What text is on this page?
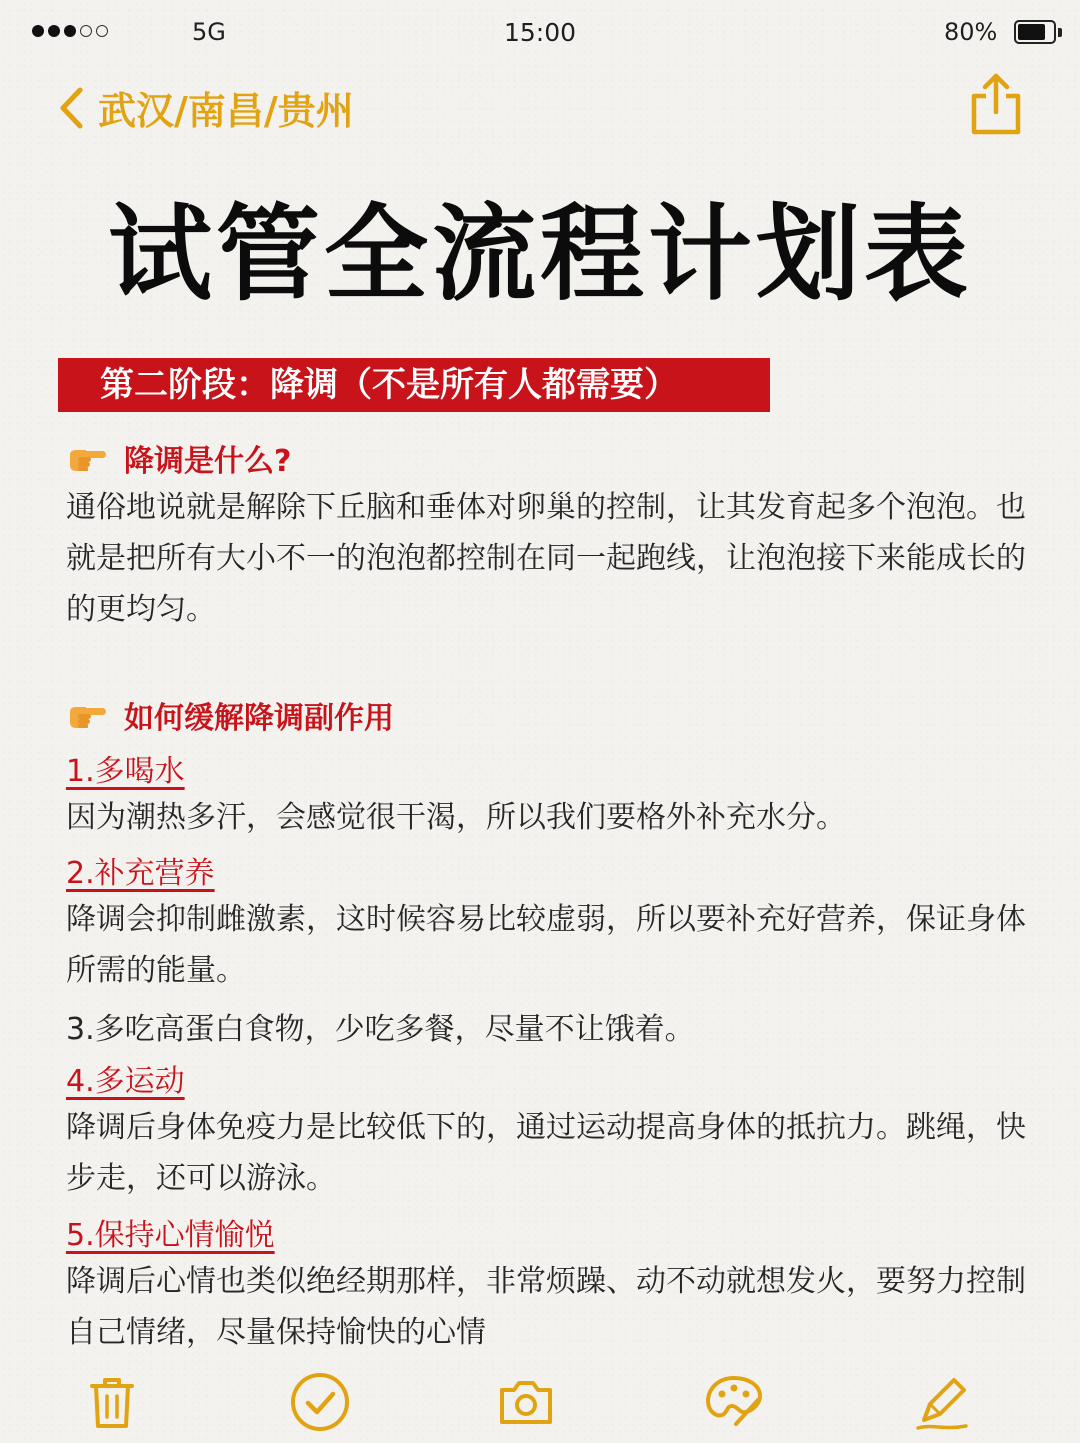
5G	15:00	80%
武汉/南昌/贵州
试管全流程计划表
第二阶段：降调（不是所有人都需要）
降调是什么?
通俗地说就是解除下丘脑和垂体对卵巢的控制，让其发育起多个泡泡。也就是把所有大小不一的泡泡都控制在同一起跑线，让泡泡接下来能成长的的更均匀。
如何缓解降调副作用
1.多喝水
因为潮热多汗，会感觉很干渴，所以我们要格外补充水分。
2.补充营养
降调会抑制雌激素，这时候容易比较虚弱，所以要补充好营养，保证身体所需的能量。
3.多吃高蛋白食物，少吃多餐，尽量不让饿着。
4.多运动
降调后身体免疫力是比较低下的，通过运动提高身体的抵抗力。跳绳，快步走，还可以游泳。
5.保持心情愉悦
降调后心情也类似绝经期那样，非常烦躁、动不动就想发火，要努力控制自己情绪，尽量保持愉快的心情
